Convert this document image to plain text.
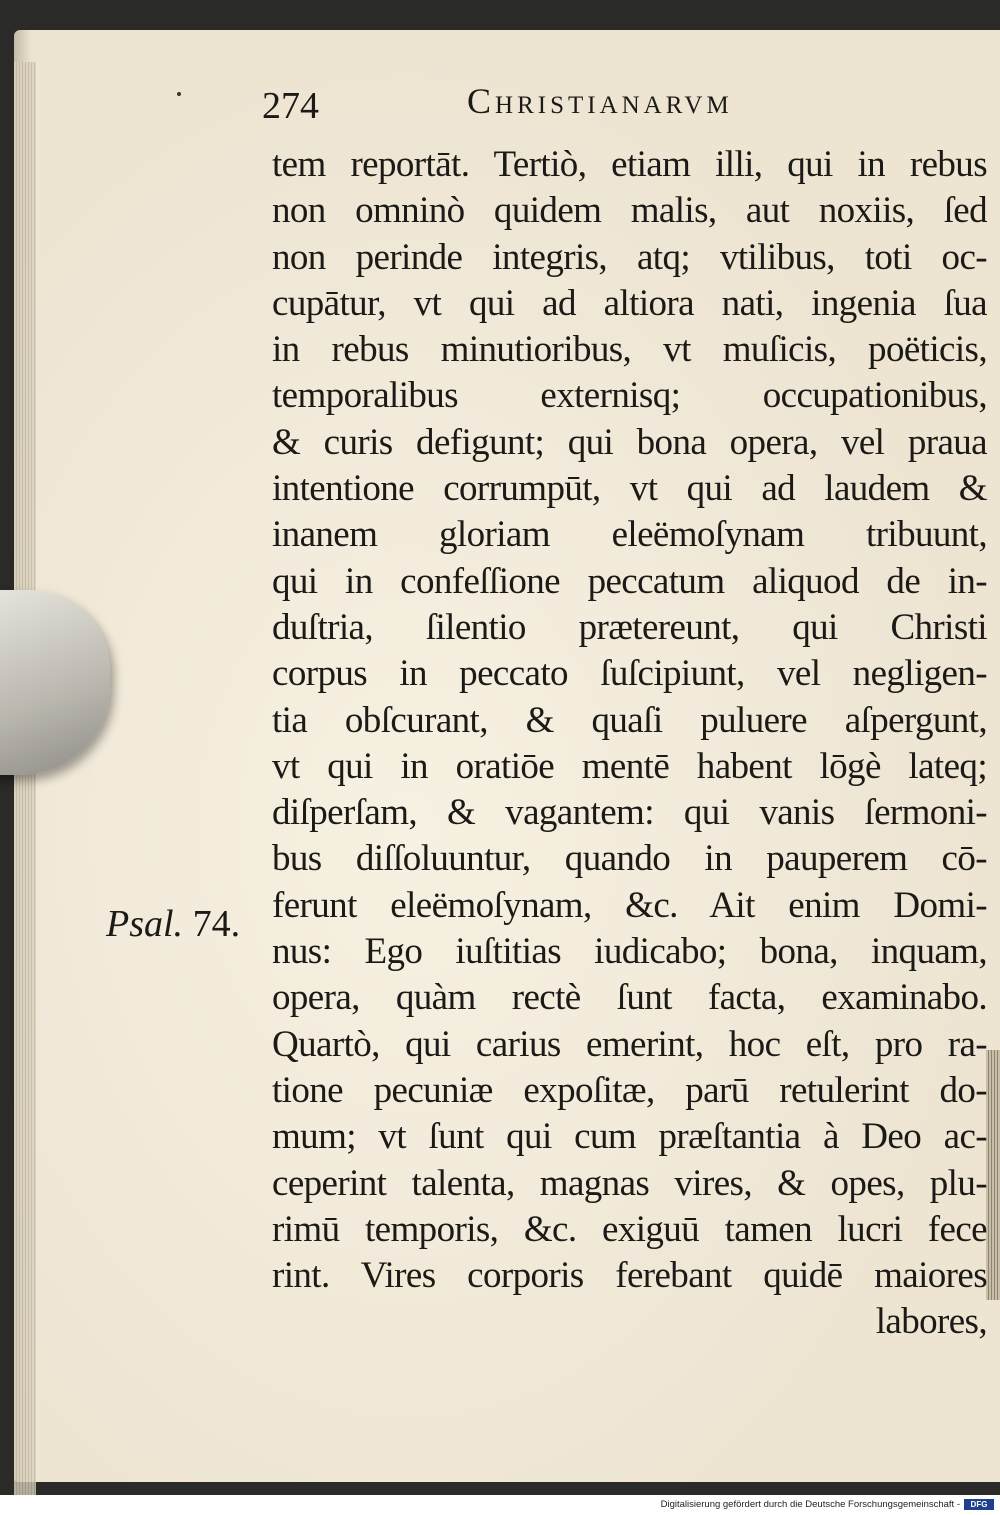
274	Christianarvm
Psal. 74.
tem reportāt. Tertiò, etiam illi, qui in rebus
non omninò quidem malis, aut noxiis, ſed
non perinde integris, atq; vtilibus, toti oc-
cupātur, vt qui ad altiora nati, ingenia ſua
in rebus minutioribus, vt muſicis, poëticis,
temporalibus externisq; occupationibus,
& curis defigunt; qui bona opera, vel praua
intentione corrumpūt, vt qui ad laudem &
inanem gloriam eleëmoſynam tribuunt,
qui in confeſſione peccatum aliquod de in-
duſtria, ſilentio prætereunt, qui Christi
corpus in peccato ſuſcipiunt, vel negligen-
tia obſcurant, & quaſi puluere aſpergunt,
vt qui in oratiōe mentē habent lōgè lateq;
diſperſam, & vagantem: qui vanis ſermoni-
bus diſſoluuntur, quando in pauperem cō-
ferunt eleëmoſynam, &c. Ait enim Domi-
nus: Ego iuſtitias iudicabo; bona, inquam,
opera, quàm rectè ſunt facta, examinabo.
Quartò, qui carius emerint, hoc eſt, pro ra-
tione pecuniæ expoſitæ, parū retulerint do-
mum; vt ſunt qui cum præſtantia à Deo ac-
ceperint talenta, magnas vires, & opes, plu-
rimū temporis, &c. exiguū tamen lucri fece
rint. Vires corporis ferebant quidē maiores
labores,
Digitalisierung gefördert durch die Deutsche Forschungsgemeinschaft -	DFG
